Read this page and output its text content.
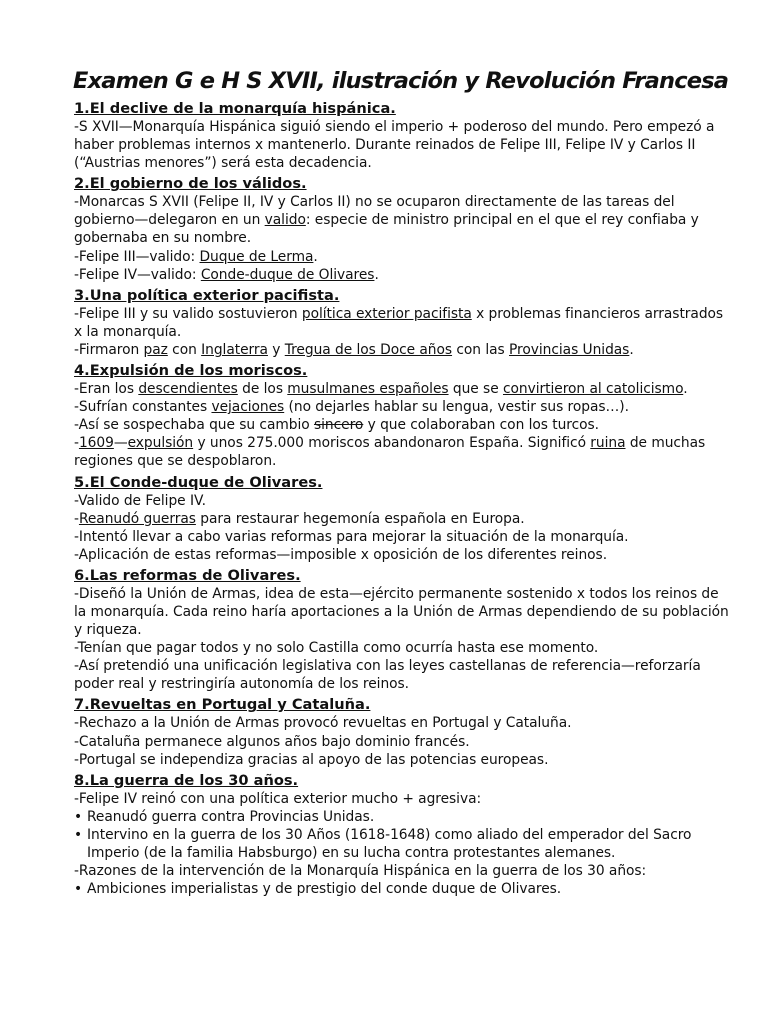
Examen G e H S XVII, ilustración y Revolución Francesa
1.El declive de la monarquía hispánica.
-S XVII—Monarquía Hispánica siguió siendo el imperio + poderoso del mundo. Pero empezó a haber problemas internos x mantenerlo. Durante reinados de Felipe III, Felipe IV y Carlos II (“Austrias menores”) será esta decadencia.
2.El gobierno de los válidos.
-Monarcas S XVII (Felipe II, IV y Carlos II) no se ocuparon directamente de las tareas del gobierno—delegaron en un valido: especie de ministro principal en el que el rey confiaba y gobernaba en su nombre.
-Felipe III—valido: Duque de Lerma.
-Felipe IV—valido: Conde-duque de Olivares.
3.Una política exterior pacifista.
-Felipe III y su valido sostuvieron política exterior pacifista x problemas financieros arrastrados x la monarquía.
-Firmaron paz con Inglaterra y Tregua de los Doce años con las Provincias Unidas.
4.Expulsión de los moriscos.
-Eran los descendientes de los musulmanes españoles que se convirtieron al catolicismo.
-Sufrían constantes vejaciones (no dejarles hablar su lengua, vestir sus ropas…).
-Así se sospechaba que su cambio sincero y que colaboraban con los turcos.
-1609—expulsión y unos 275.000 moriscos abandonaron España. Significó ruina de muchas regiones que se despoblaron.
5.El Conde-duque de Olivares.
-Valido de Felipe IV.
-Reanudó guerras para restaurar hegemonía española en Europa.
-Intentó llevar a cabo varias reformas para mejorar la situación de la monarquía.
-Aplicación de estas reformas—imposible x oposición de los diferentes reinos.
6.Las reformas de Olivares.
-Diseñó la Unión de Armas, idea de esta—ejército permanente sostenido x todos los reinos de la monarquía. Cada reino haría aportaciones a la Unión de Armas dependiendo de su población y riqueza.
-Tenían que pagar todos y no solo Castilla como ocurría hasta ese momento.
-Así pretendió una unificación legislativa con las leyes castellanas de referencia—reforzaría poder real y restringiría autonomía de los reinos.
7.Revueltas en Portugal y Cataluña.
-Rechazo a la Unión de Armas provocó revueltas en Portugal y Cataluña.
-Cataluña permanece algunos años bajo dominio francés.
-Portugal se independiza gracias al apoyo de las potencias europeas.
8.La guerra de los 30 años.
-Felipe IV reinó con una política exterior mucho + agresiva:
• Reanudó guerra contra Provincias Unidas.
• Intervino en la guerra de los 30 Años (1618-1648) como aliado del emperador del Sacro Imperio (de la familia Habsburgo) en su lucha contra protestantes alemanes.
-Razones de la intervención de la Monarquía Hispánica en la guerra de los 30 años:
• Ambiciones imperialistas y de prestigio del conde duque de Olivares.
